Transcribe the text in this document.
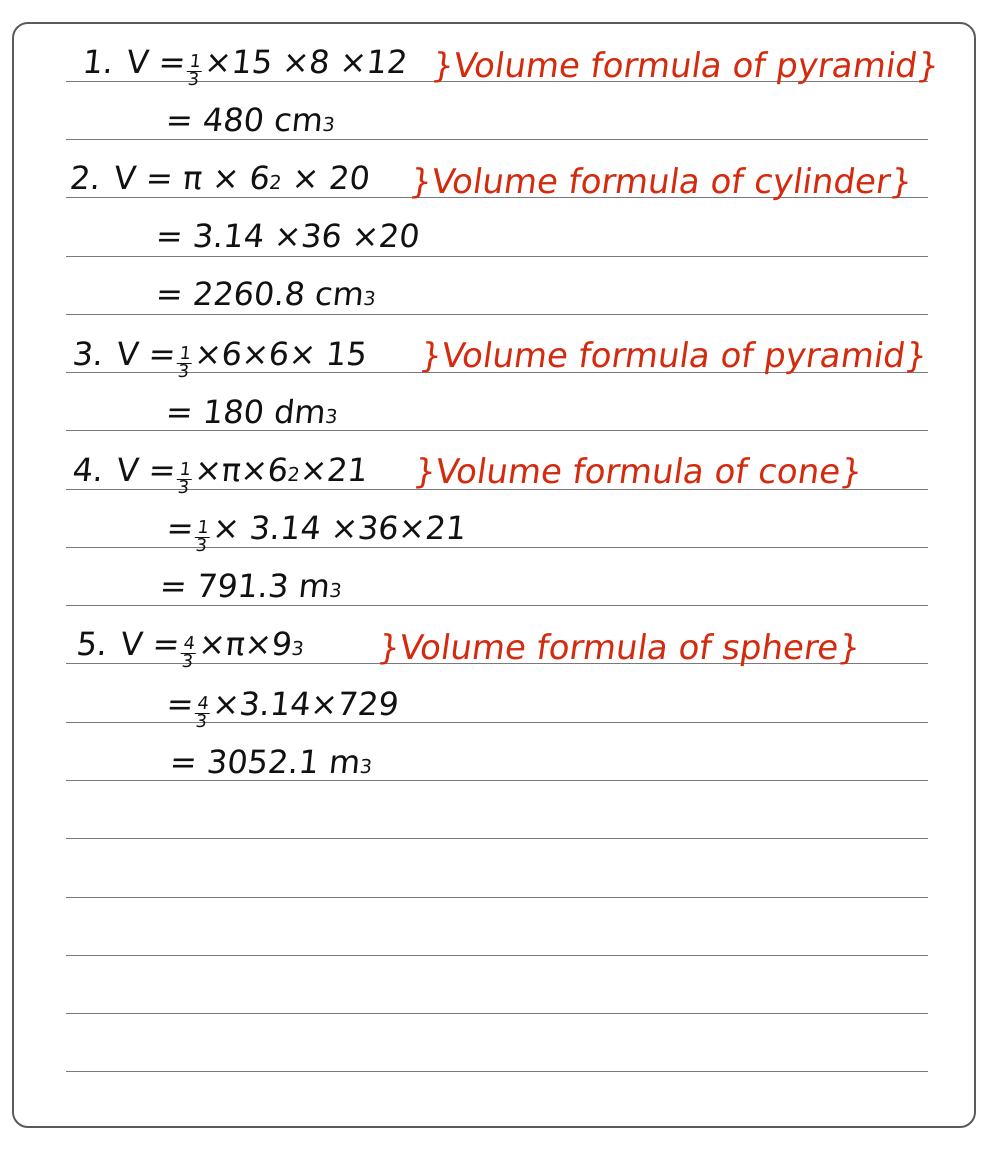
1. V =
$\frac{1}{3} \times 15 \times 8 \times 12$ }Volume formula of pyramid}
=
480 cm
3
2. V =
π × 6
2
× 20 }Volume formula of cylinder}
=
3.14 ×36 ×20
=
2260.8 cm
3
3. V =
$\frac{1}{3} \times 6\times 6\times 15$ }Volume formula of pyramid}
=
180 dm
3
4. V =
$\frac{1}{3} \times\pi\times 6$
2
×21 }Volume formula of cone}
=
$\frac{1}{3} \times 3.14 \times 36\times 21$
=
791.3 m
3
5. V =
$\frac{4}{3} \times\pi\times 9$
3 }Volume formula of sphere}
=
$\frac{4}{3} \times 3.14\times 729$
=
3052.1 m
3
